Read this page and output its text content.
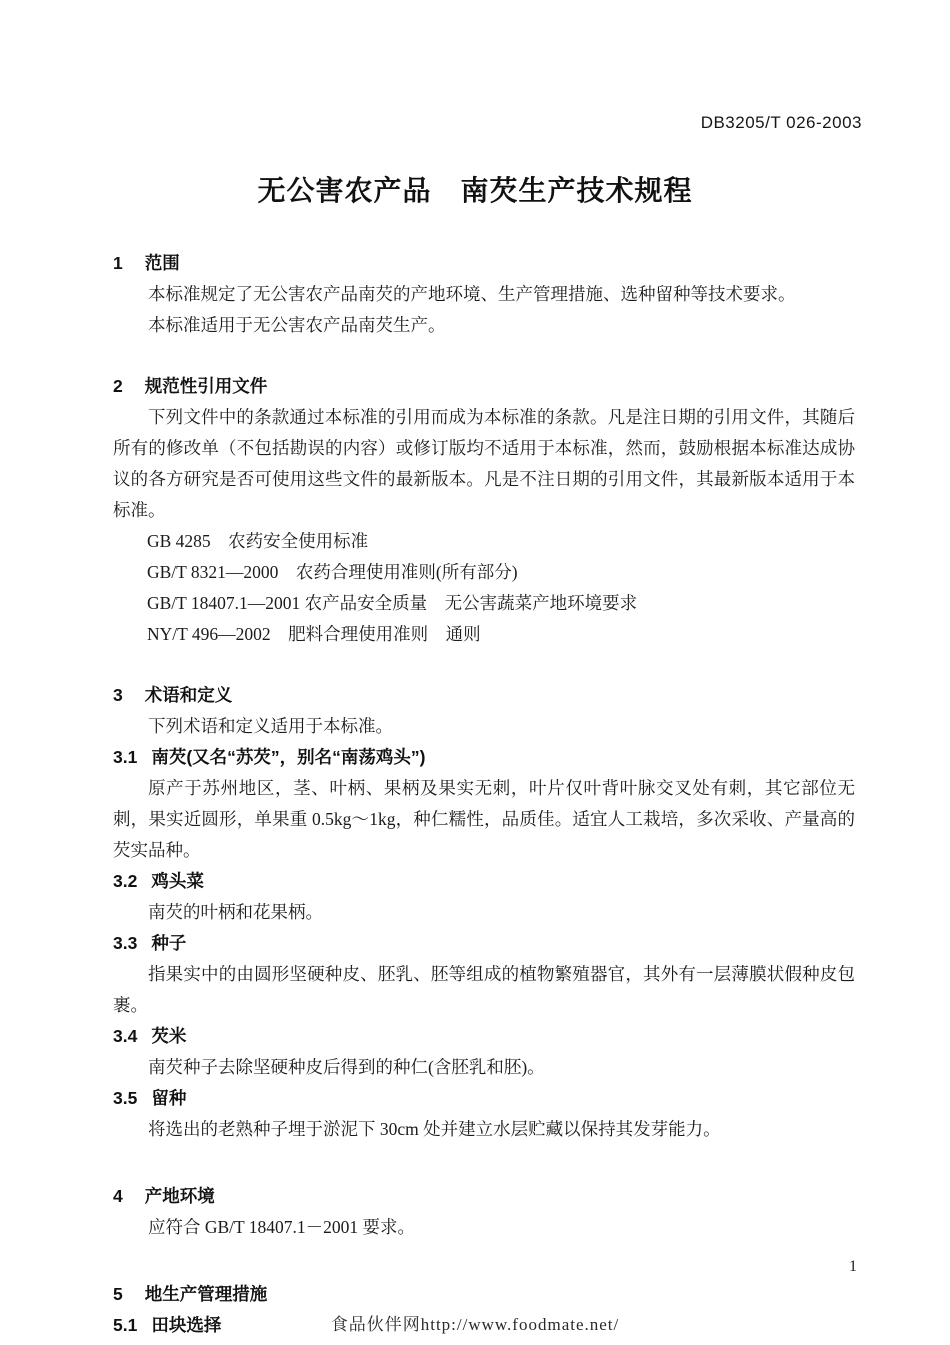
DB3205/T 026-2003
无公害农产品　南芡生产技术规程
1 范围

本标准规定了无公害农产品南芡的产地环境、生产管理措施、选种留种等技术要求。

本标准适用于无公害农产品南芡生产。

2 规范性引用文件

下列文件中的条款通过本标准的引用而成为本标准的条款。凡是注日期的引用文件，其随后所有的修改单（不包括勘误的内容）或修订版均不适用于本标准，然而，鼓励根据本标准达成协议的各方研究是否可使用这些文件的最新版本。凡是不注日期的引用文件，其最新版本适用于本标准。

GB 4285　农药安全使用标准
GB/T 8321—2000　农药合理使用准则(所有部分)
GB/T 18407.1—2001 农产品安全质量　无公害蔬菜产地环境要求
NY/T 496—2002　肥料合理使用准则　通则
3 术语和定义

下列术语和定义适用于本标准。

3.1 南芡(又名“苏芡”，别名“南荡鸡头”)

原产于苏州地区，茎、叶柄、果柄及果实无刺，叶片仅叶背叶脉交叉处有刺，其它部位无刺，果实近圆形，单果重 0.5kg～1kg，种仁糯性，品质佳。适宜人工栽培，多次采收、产量高的芡实品种。

3.2 鸡头菜

南芡的叶柄和花果柄。

3.3 种子

指果实中的由圆形坚硬种皮、胚乳、胚等组成的植物繁殖器官，其外有一层薄膜状假种皮包裹。

3.4 芡米

南芡种子去除坚硬种皮后得到的种仁(含胚乳和胚)。

3.5 留种

将选出的老熟种子埋于淤泥下 30cm 处并建立水层贮藏以保持其发芽能力。

4 产地环境

应符合 GB/T 18407.1－2001 要求。

5 地生产管理措施
5.1 田块选择
1
食品伙伴网http://www.foodmate.net/
